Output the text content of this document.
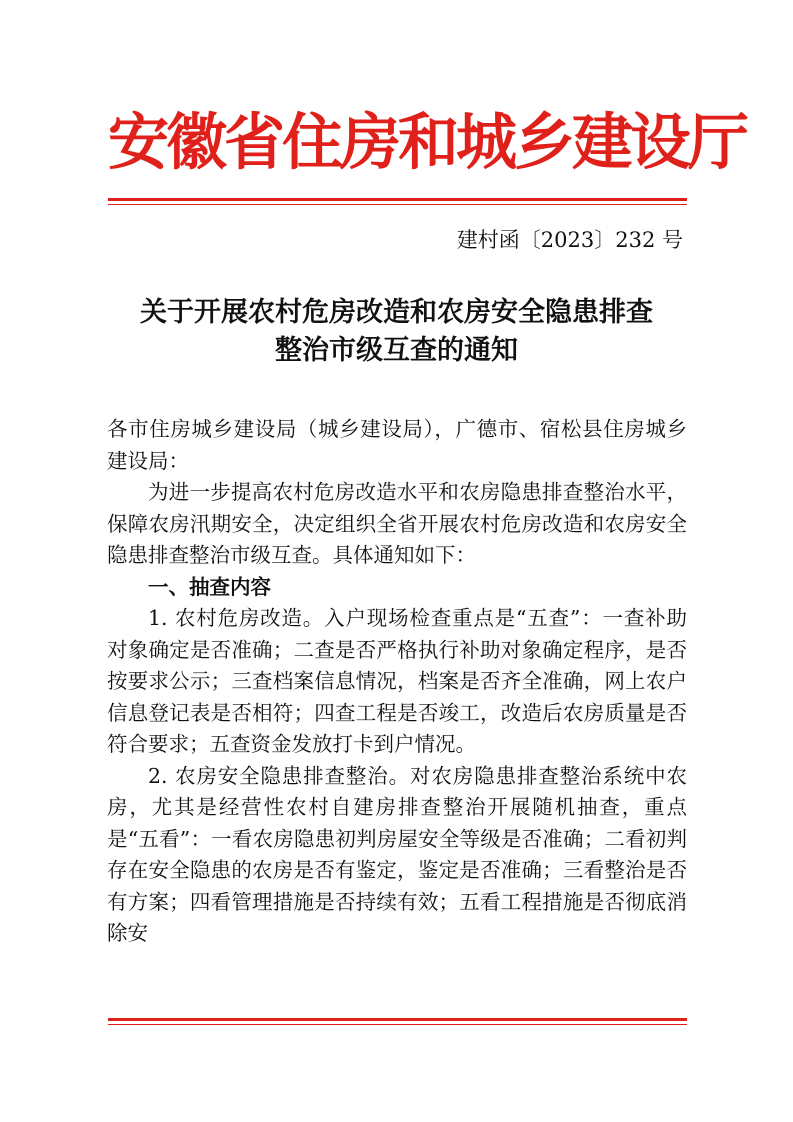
安徽省住房和城乡建设厅
建村函〔2023〕232 号
关于开展农村危房改造和农房安全隐患排查
整治市级互查的通知

各市住房城乡建设局（城乡建设局），广德市、宿松县住房城乡建设局：

为进一步提高农村危房改造水平和农房隐患排查整治水平，保障农房汛期安全，决定组织全省开展农村危房改造和农房安全隐患排查整治市级互查。具体通知如下：

一、抽查内容

1. 农村危房改造。入户现场检查重点是“五查”：一查补助对象确定是否准确；二查是否严格执行补助对象确定程序，是否按要求公示；三查档案信息情况，档案是否齐全准确，网上农户信息登记表是否相符；四查工程是否竣工，改造后农房质量是否符合要求；五查资金发放打卡到户情况。

2. 农房安全隐患排查整治。对农房隐患排查整治系统中农房，尤其是经营性农村自建房排查整治开展随机抽查，重点是“五看”：一看农房隐患初判房屋安全等级是否准确；二看初判存在安全隐患的农房是否有鉴定，鉴定是否准确；三看整治是否有方案；四看管理措施是否持续有效；五看工程措施是否彻底消除安
